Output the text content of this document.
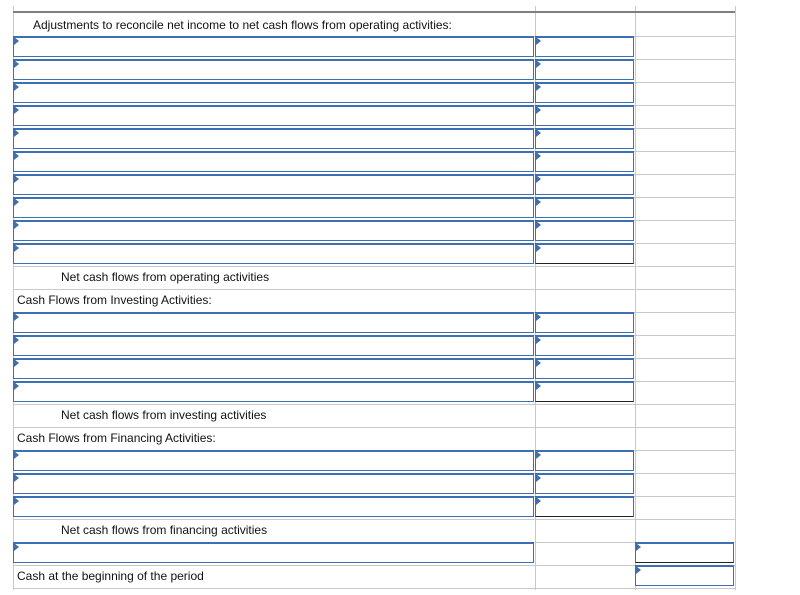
Adjustments to reconcile net income to net cash flows from operating activities:
Net cash flows from operating activities
Cash Flows from Investing Activities:
Net cash flows from investing activities
Cash Flows from Financing Activities:
Net cash flows from financing activities
Cash at the beginning of the period
